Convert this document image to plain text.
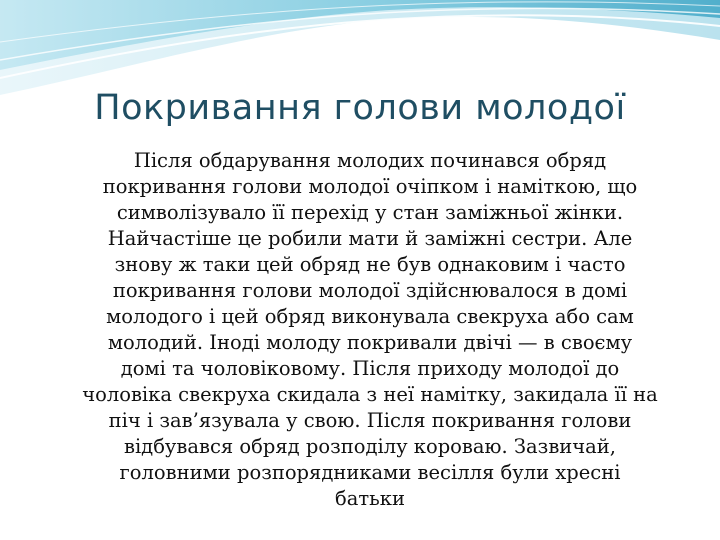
Покривання голови молодої
Після обдарування молодих починався обряд
покривання голови молодої очіпком і наміткою, що
символізувало її перехід у стан заміжньої жінки.
Найчастіше це робили мати й заміжні сестри. Але
знову ж таки цей обряд не був однаковим і часто
покривання голови молодої здійснювалося в домі
молодого і цей обряд виконувала свекруха або сам
молодий. Іноді молоду покривали двічі — в своєму
домі та чоловіковому. Після приходу молодої до
чоловіка свекруха скидала з неї намітку, закидала її на
піч і зав’язувала у свою. Після покривання голови
відбувався обряд розподілу короваю. Зазвичай,
головними розпорядниками весілля були хресні
батьки
